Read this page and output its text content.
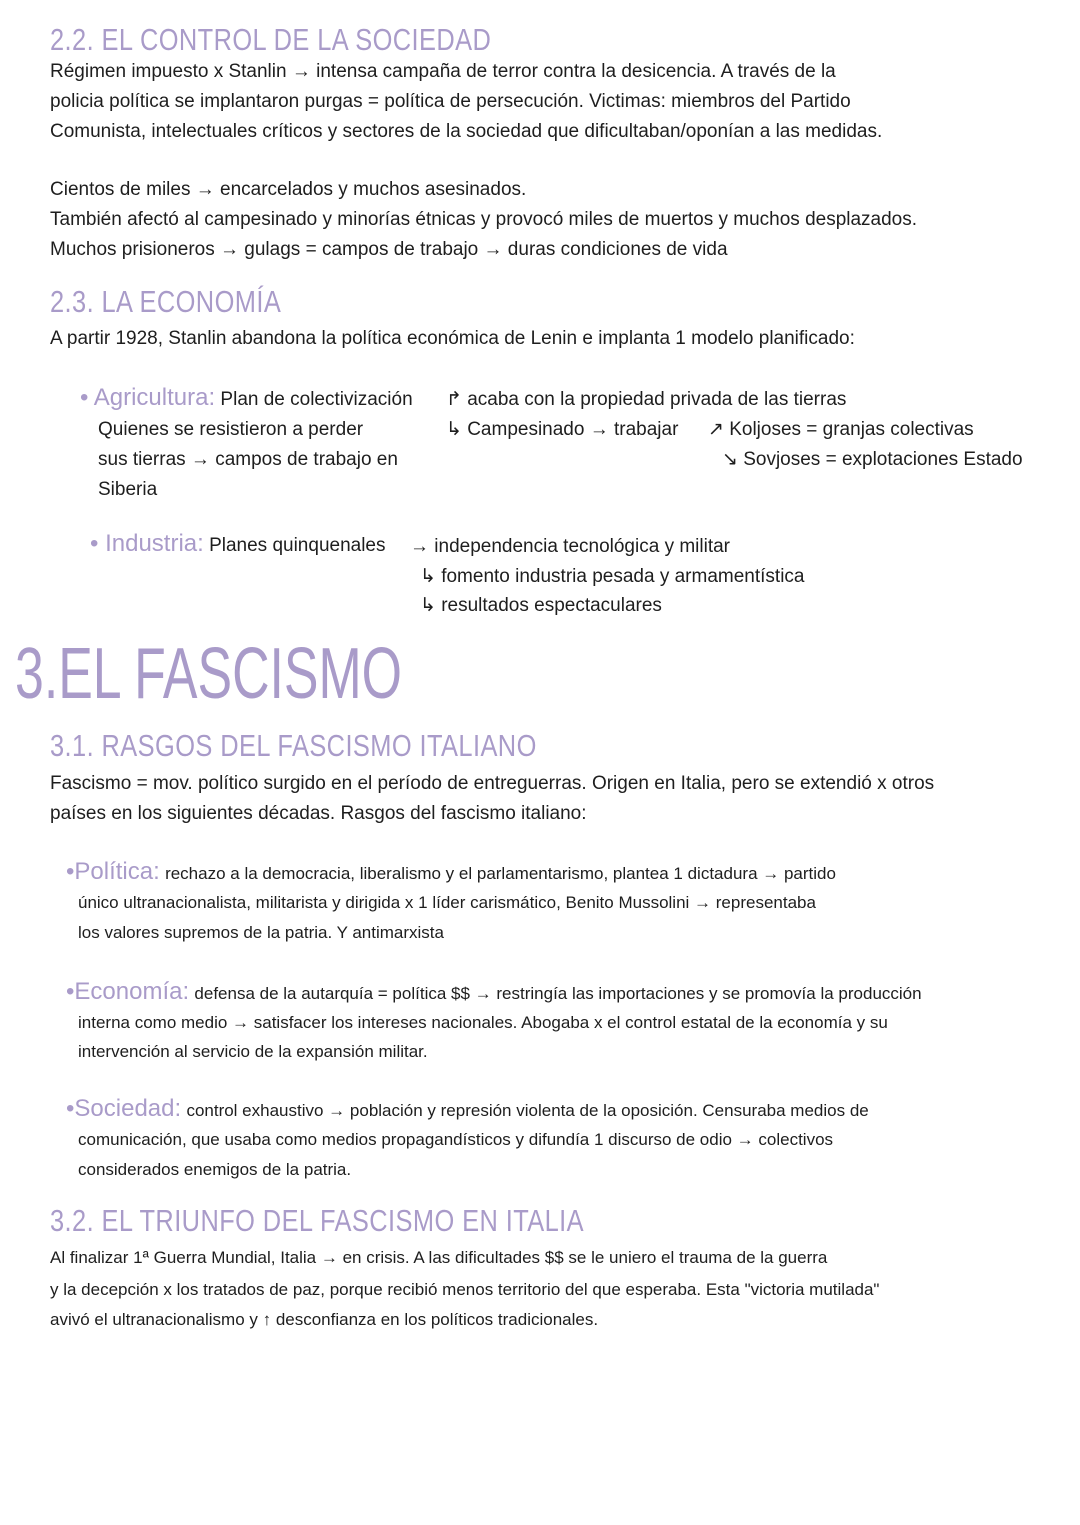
2.2. EL CONTROL DE LA SOCIEDAD
Régimen impuesto x Stanlin → intensa campaña de terror contra la desicencia. A través de la
policia política se implantaron purgas = política de persecución. Victimas: miembros del Partido
Comunista, intelectuales críticos y sectores de la sociedad que dificultaban/oponían a las medidas.
Cientos de miles → encarcelados y muchos asesinados.
También afectó al campesinado y minorías étnicas y provocó miles de muertos y muchos desplazados.
Muchos prisioneros → gulags = campos de trabajo → duras condiciones de vida
2.3. LA ECONOMÍA
A partir 1928, Stanlin abandona la política económica de Lenin e implanta 1 modelo planificado:
• Agricultura: Plan de colectivización
Quienes se resistieron a perder
sus tierras → campos de trabajo en
Siberia
↱ acaba con la propiedad privada de las tierras
↳ Campesinado → trabajar ↗ Koljoses = granjas colectivas
↘ Sovjoses = explotaciones Estado
• Industria: Planes quinquenales → independencia tecnológica y militar
↳ fomento industria pesada y armamentística
↳ resultados espectaculares
3.EL FASCISMO
3.1. RASGOS DEL FASCISMO ITALIANO
Fascismo = mov. político surgido en el período de entreguerras. Origen en Italia, pero se extendió x otros
países en los siguientes décadas. Rasgos del fascismo italiano:
•Política: rechazo a la democracia, liberalismo y el parlamentarismo, plantea 1 dictadura → partido
único ultranacionalista, militarista y dirigida x 1 líder carismático, Benito Mussolini → representaba
los valores supremos de la patria. Y antimarxista
•Economía: defensa de la autarquía = política $$ → restringía las importaciones y se promovía la producción
interna como medio → satisfacer los intereses nacionales. Abogaba x el control estatal de la economía y su
intervención al servicio de la expansión militar.
•Sociedad: control exhaustivo → población y represión violenta de la oposición. Censuraba medios de
comunicación, que usaba como medios propagandísticos y difundía 1 discurso de odio → colectivos
considerados enemigos de la patria.
3.2. EL TRIUNFO DEL FASCISMO EN ITALIA
Al finalizar 1ª Guerra Mundial, Italia → en crisis. A las dificultades $$ se le uniero el trauma de la guerra
y la decepción x los tratados de paz, porque recibió menos territorio del que esperaba. Esta "victoria mutilada"
avivó el ultranacionalismo y ↑ desconfianza en los políticos tradicionales.
